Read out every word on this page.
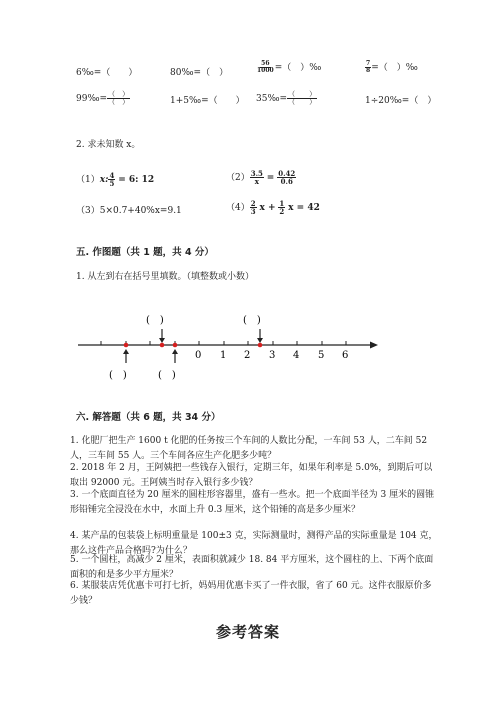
6‰=（　　）	80‰=（　）	$\frac{56}{1000}$ =（　）‰	$\frac{7}{8}$ =（　）‰
99‰= $\frac{( )}{( )}$	1+5‰=（　　） 35‰= $\frac{( )}{( )}$	1÷20‰=（　）
2. 求未知数 x。
（1）x: $\frac{4}{5} = 6$: 12	$(2) \frac{3.5}{x} = \frac{0.42}{0.6}$
（3）5×0.7+40%x=9.1	$(4) \frac{2}{3}$ $x + \frac{1}{2}$ x = 42
五. 作图题（共 1 题，共 4 分）
1. 从左到右在括号里填数。（填整数或小数）
(　)	(　)
0 1 2 3 4 5 6
(　)	(　)
六. 解答题（共 6 题，共 34 分）
1. 化肥厂把生产 1600 t 化肥的任务按三个车间的人数比分配，一车间 53 人，二车间 52 人，三车间 55 人。三个车间各应生产化肥多少吨？
2. 2018 年 2 月，王阿姨把一些钱存入银行，定期三年，如果年利率是 5.0%，到期后可以取出 92000 元。王阿姨当时存入银行多少钱？
3. 一个底面直径为 20 厘米的圆柱形容器里，盛有一些水。把一个底面半径为 3 厘米的圆锥形铅锤完全浸没在水中，水面上升 0.3 厘米，这个铅锤的高是多少厘米？
4. 某产品的包装袋上标明重量是 100±3 克，实际测量时，测得产品的实际重量是 104 克，那么这件产品合格吗?为什么？
5. 一个圆柱，高减少 2 厘米，表面积就减少 18. 84 平方厘米，这个圆柱的上、下两个底面面积的和是多少平方厘米？
6. 某服装店凭优惠卡可打七折，妈妈用优惠卡买了一件衣服，省了 60 元。这件衣服原价多少钱？
参考答案
